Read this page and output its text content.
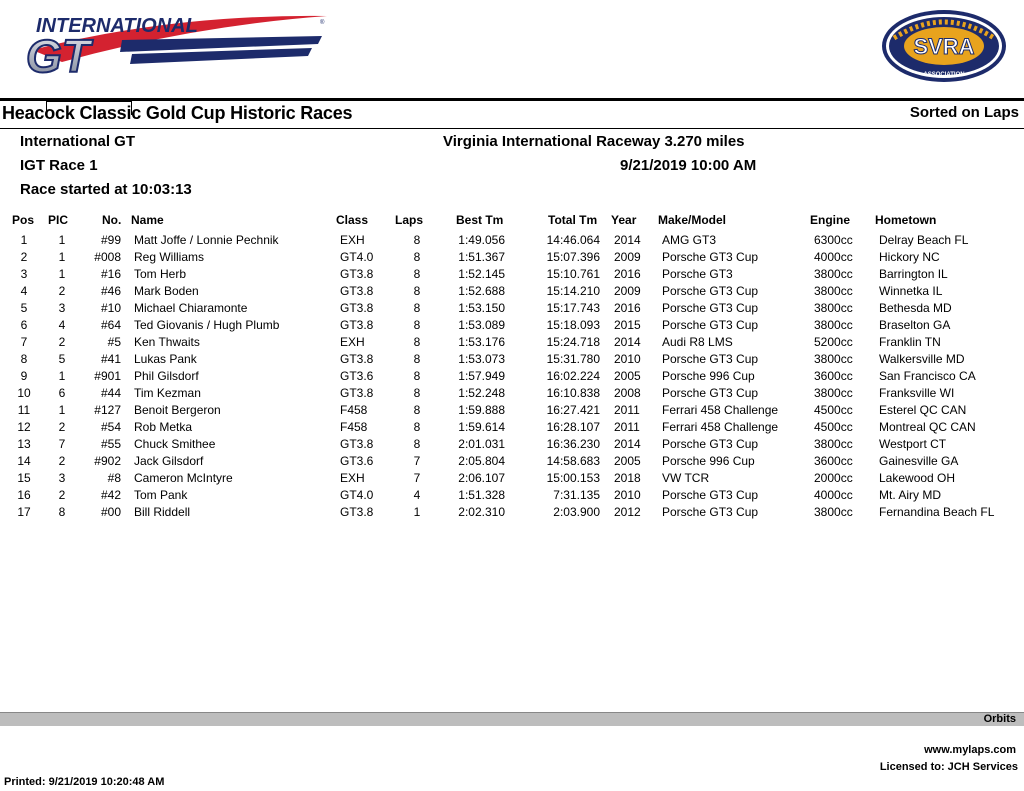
INTERNATIONAL
GT
®
SVRA
ASSOCIATION
Heacock Classic Gold Cup Historic Races	Sorted on Laps
International GT
IGT Race 1
Race started at 10:03:13
Virginia International Raceway 3.270 miles
9/21/2019 10:00 AM
Pos PIC	No. Name	Class Laps	Best Tm	Total Tm Year Make/Model	Engine Hometown
1	1	#99 Matt Joffe / Lonnie Pechnik	EXH	8	1:49.056	14:46.064 2014 AMG GT3	6300cc Delray Beach FL
2	1	#008 Reg Williams	GT4.0	8	1:51.367	15:07.396 2009 Porsche GT3 Cup	4000cc Hickory NC
3	1	#16 Tom Herb	GT3.8	8	1:52.145	15:10.761 2016 Porsche GT3	3800cc Barrington IL
4	2	#46 Mark Boden	GT3.8	8	1:52.688	15:14.210 2009 Porsche GT3 Cup	3800cc Winnetka IL
5	3	#10 Michael Chiaramonte	GT3.8	8	1:53.150	15:17.743 2016 Porsche GT3 Cup	3800cc Bethesda MD
6	4	#64 Ted Giovanis / Hugh Plumb	GT3.8	8	1:53.089	15:18.093 2015 Porsche GT3 Cup	3800cc Braselton GA
7	2	#5 Ken Thwaits	EXH	8	1:53.176	15:24.718 2014 Audi R8 LMS	5200cc Franklin TN
8	5	#41 Lukas Pank	GT3.8	8	1:53.073	15:31.780 2010 Porsche GT3 Cup	3800cc Walkersville MD
9	1	#901 Phil Gilsdorf	GT3.6	8	1:57.949	16:02.224 2005 Porsche 996 Cup	3600cc San Francisco CA
10	6	#44 Tim Kezman	GT3.8	8	1:52.248	16:10.838 2008 Porsche GT3 Cup	3800cc Franksville WI
11	1	#127 Benoit Bergeron	F458	8	1:59.888	16:27.421 2011 Ferrari 458 Challenge	4500cc Esterel QC CAN
12	2	#54 Rob Metka	F458	8	1:59.614	16:28.107 2011 Ferrari 458 Challenge	4500cc Montreal QC CAN
13	7	#55 Chuck Smithee	GT3.8	8	2:01.031	16:36.230 2014 Porsche GT3 Cup	3800cc Westport CT
14	2	#902 Jack Gilsdorf	GT3.6	7	2:05.804	14:58.683 2005 Porsche 996 Cup	3600cc Gainesville GA
15	3	#8 Cameron McIntyre	EXH	7	2:06.107	15:00.153 2018 VW TCR	2000cc Lakewood OH
16	2	#42 Tom Pank	GT4.0	4	1:51.328	7:31.135 2010 Porsche GT3 Cup	4000cc Mt. Airy MD
17	8	#00 Bill Riddell	GT3.8	1	2:02.310	2:03.900 2012 Porsche GT3 Cup	3800cc Fernandina Beach FL
Orbits
www.mylaps.com
Licensed to: JCH Services
Printed: 9/21/2019 10:20:48 AM
